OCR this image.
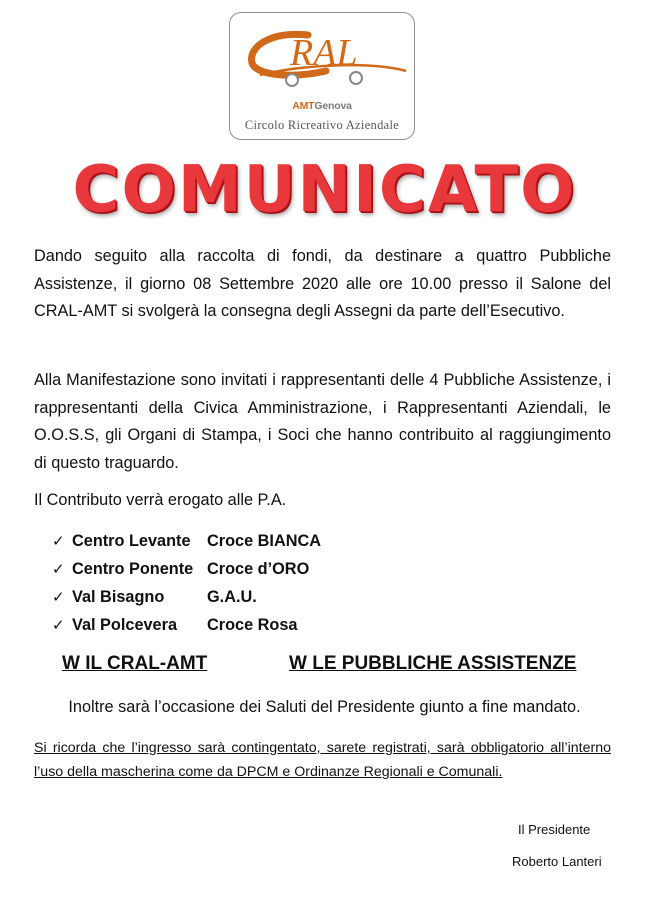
RAL
AMTGenova
Circolo Ricreativo Aziendale
COMUNICATO
Dando seguito alla raccolta di fondi, da destinare a quattro Pubbliche Assistenze, il giorno 08 Settembre 2020 alle ore 10.00 presso il Salone del CRAL-AMT si svolgerà la consegna degli Assegni da parte dell’Esecutivo.
Alla Manifestazione sono invitati i rappresentanti delle 4 Pubbliche Assistenze, i rappresentanti della Civica Amministrazione, i Rappresentanti Aziendali, le O.O.S.S, gli Organi di Stampa, i Soci che hanno contribuito al raggiungimento di questo traguardo.
Il Contributo verrà erogato alle P.A.
✓ Centro Levante Croce BIANCA
✓ Centro Ponente Croce d’ORO
✓ Val Bisagno	G.A.U.
✓ Val Polcevera Croce Rosa
W IL CRAL-AMT	W LE PUBBLICHE ASSISTENZE
Inoltre sarà l’occasione dei Saluti del Presidente giunto a fine mandato.
Si ricorda che l’ingresso sarà contingentato, sarete registrati, sarà obbligatorio all’interno l’uso della mascherina come da DPCM e Ordinanze Regionali e Comunali.
Il Presidente
Roberto Lanteri
